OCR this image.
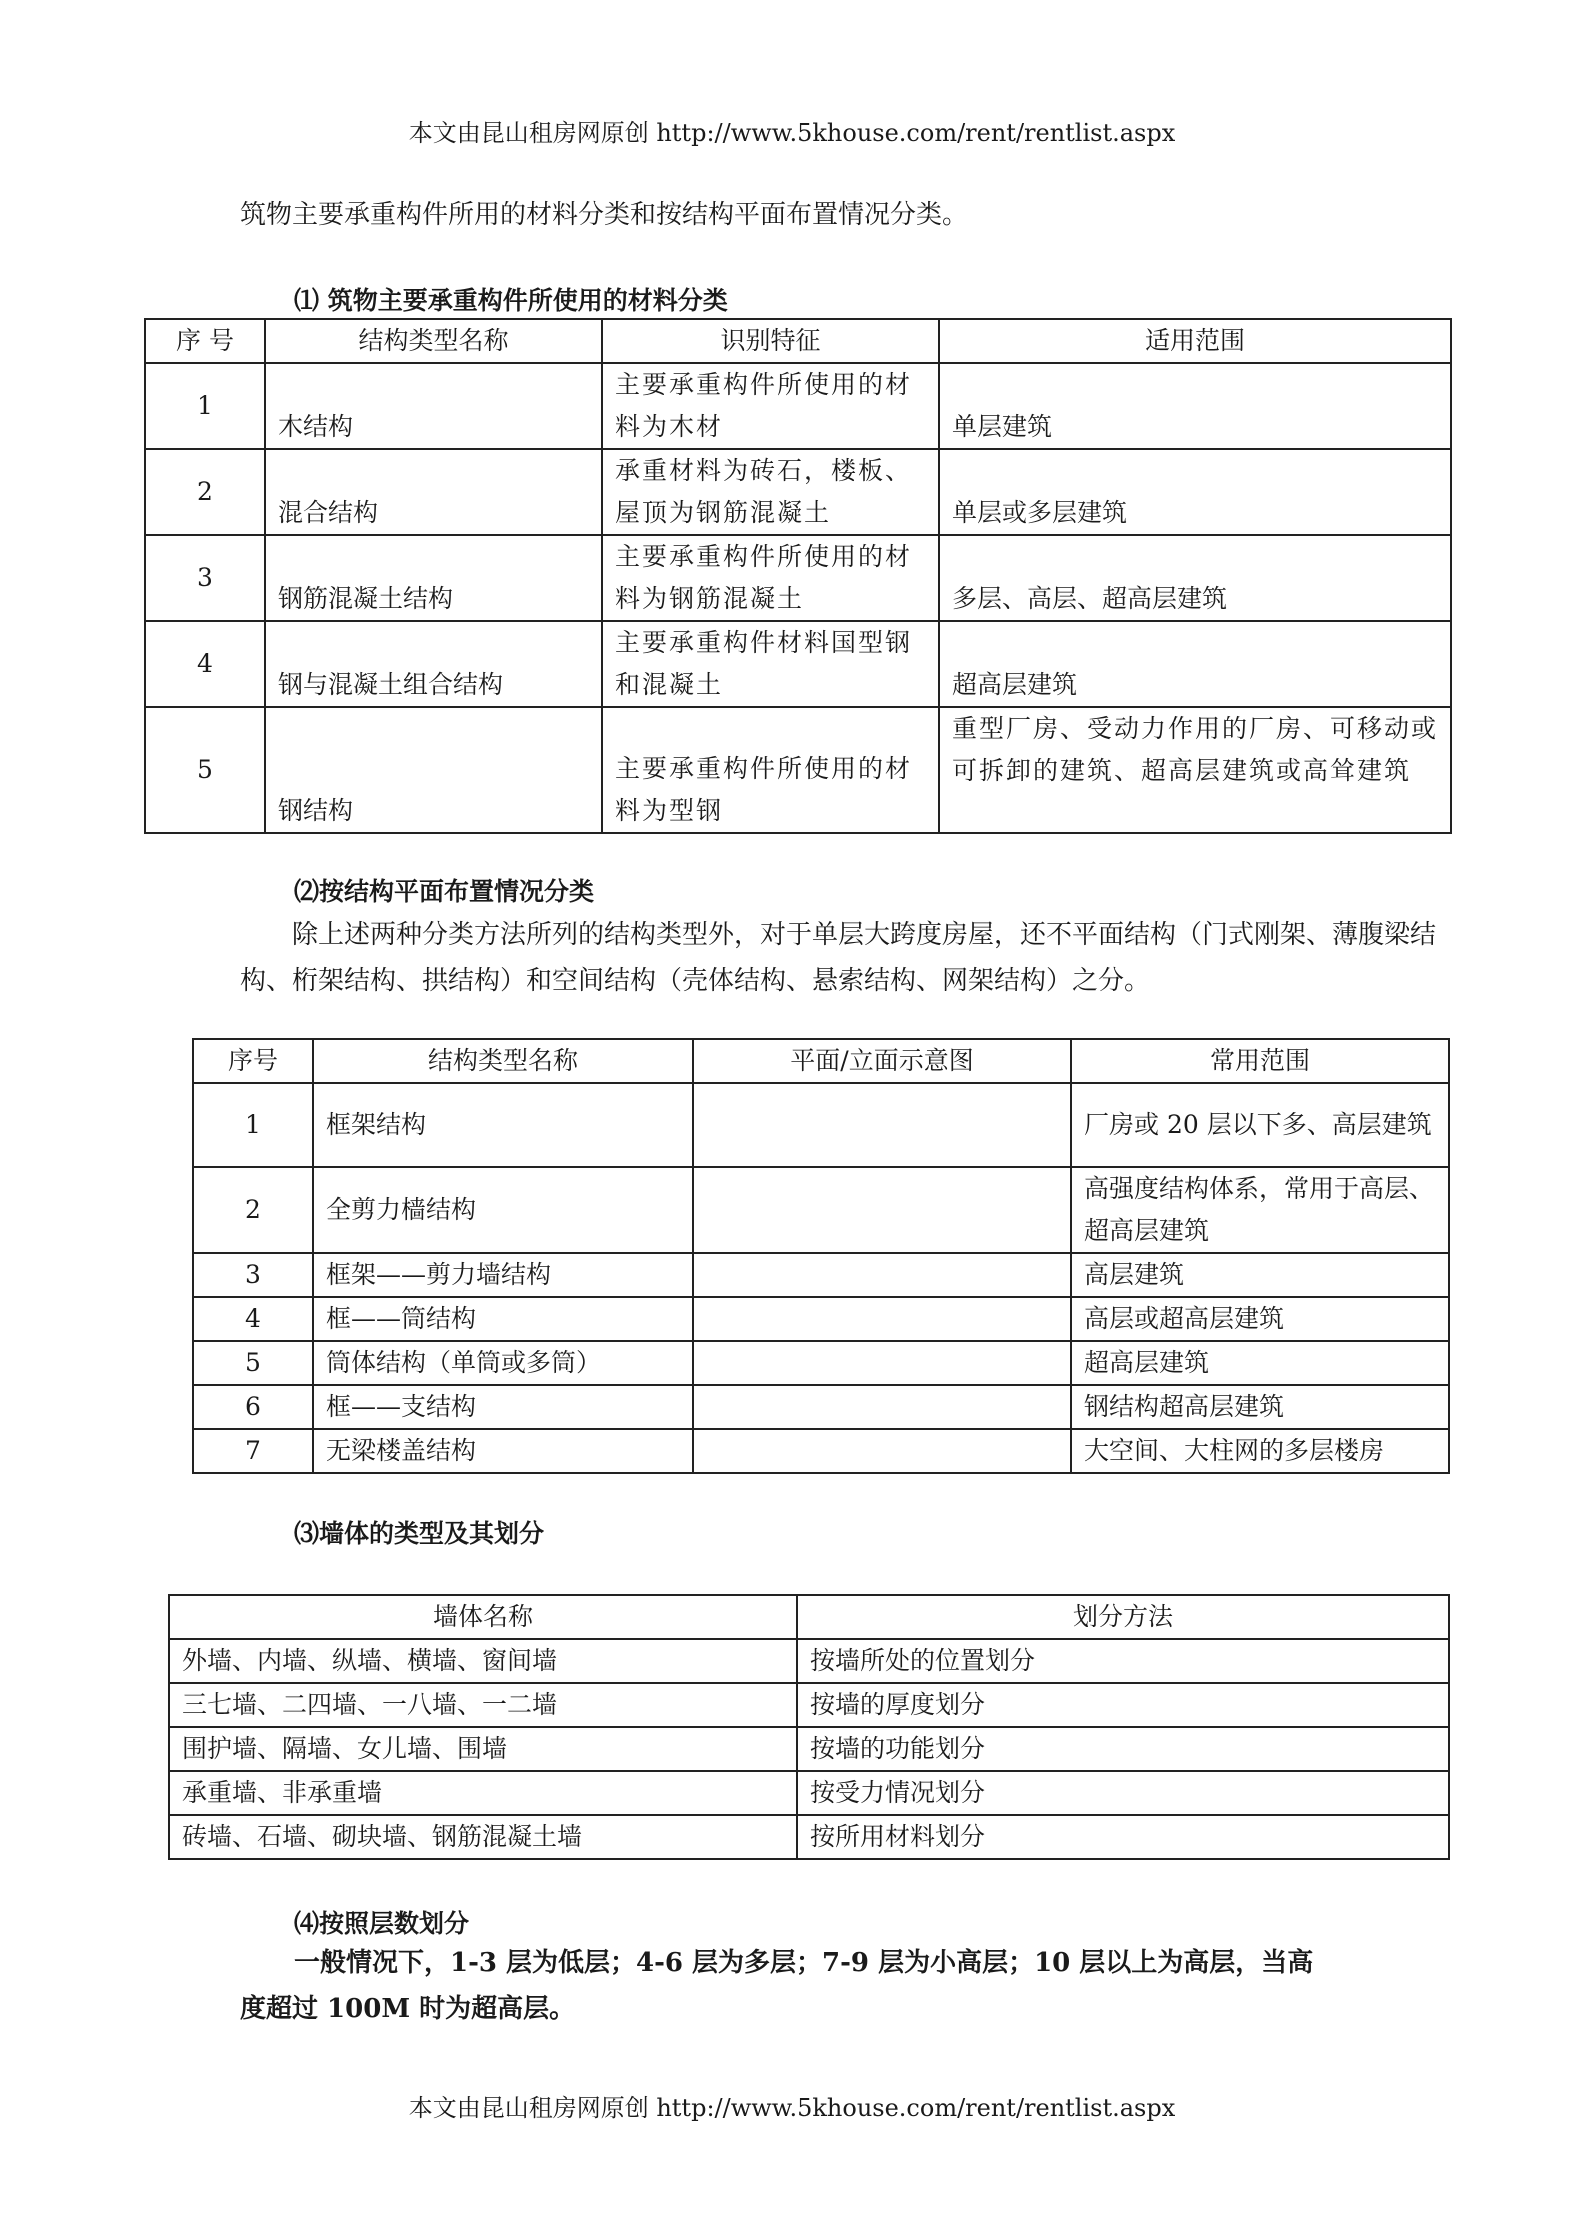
本文由昆山租房网原创 http://www.5khouse.com/rent/rentlist.aspx
筑物主要承重构件所用的材料分类和按结构平面布置情况分类。
⑴ 筑物主要承重构件所使用的材料分类
序 号	结构类型名称	识别特征	适用范围
1	木结构	主要承重构件所使用的材料为木材	单层建筑
2	混合结构	承重材料为砖石，楼板、屋顶为钢筋混凝土	单层或多层建筑
3	钢筋混凝土结构	主要承重构件所使用的材料为钢筋混凝土	多层、高层、超高层建筑
4	钢与混凝土组合结构	主要承重构件材料国型钢和混凝土	超高层建筑
5	钢结构	主要承重构件所使用的材料为型钢	重型厂房、受动力作用的厂房、可移动或可拆卸的建筑、超高层建筑或高耸建筑
⑵按结构平面布置情况分类
除上述两种分类方法所列的结构类型外，对于单层大跨度房屋，还不平面结构（门式刚架、薄腹梁结构、桁架结构、拱结构）和空间结构（壳体结构、悬索结构、网架结构）之分。
序号	结构类型名称	平面/立面示意图	常用范围
1	框架结构		厂房或 20 层以下多、高层建筑
2	全剪力樯结构		高强度结构体系，常用于高层、超高层建筑
3	框架——剪力墙结构		高层建筑
4	框——筒结构		高层或超高层建筑
5	筒体结构（单筒或多筒）		超高层建筑
6	框——支结构		钢结构超高层建筑
7	无梁楼盖结构		大空间、大柱网的多层楼房
⑶墙体的类型及其划分
墙体名称	划分方法
外墙、内墙、纵墙、横墙、窗间墙	按墙所处的位置划分
三七墙、二四墙、一八墙、一二墙	按墙的厚度划分
围护墙、隔墙、女儿墙、围墙	按墙的功能划分
承重墙、非承重墙	按受力情况划分
砖墙、石墙、砌块墙、钢筋混凝土墙	按所用材料划分
⑷按照层数划分
一般情况下，1-3 层为低层；4-6 层为多层；7-9 层为小高层；10 层以上为高层，当高
度超过 100M 时为超高层。
本文由昆山租房网原创 http://www.5khouse.com/rent/rentlist.aspx
